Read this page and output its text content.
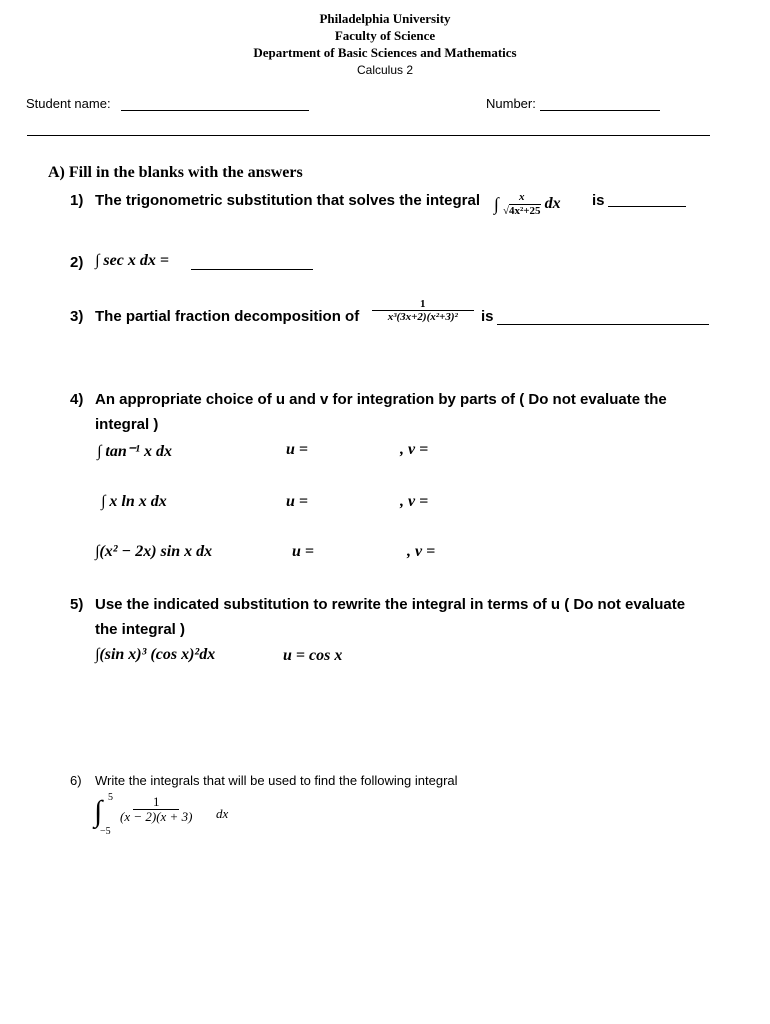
Philadelphia University
Faculty of Science
Department of Basic Sciences and Mathematics
Calculus 2
Student name:	Number:
A) Fill in the blanks with the answers
1) The trigonometric substitution that solves the integral ∫ $\frac{x}{\text{√4x²+25}}$ dx is
2) ∫ sec x dx =
3) The partial fraction decomposition of $\frac{1}{\text{x³(3x+2)(x²+3)²}}$ is
4) An appropriate choice of u and v for integration by parts of ( Do not evaluate the
integral )
∫ tan⁻¹ x dx	u =	, v =
∫ x ln x dx	u =	, v =
∫(x² − 2x) sin x dx	u =	, v =
5) Use the indicated substitution to rewrite the integral in terms of u ( Do not evaluate
the integral )
∫(sin x)³ (cos x)²dx	u = cos x
6) Write the integrals that will be used to find the following integral
∫ 5
−5
$\frac{1}{(x - 2)(x + 3)}$ dx
